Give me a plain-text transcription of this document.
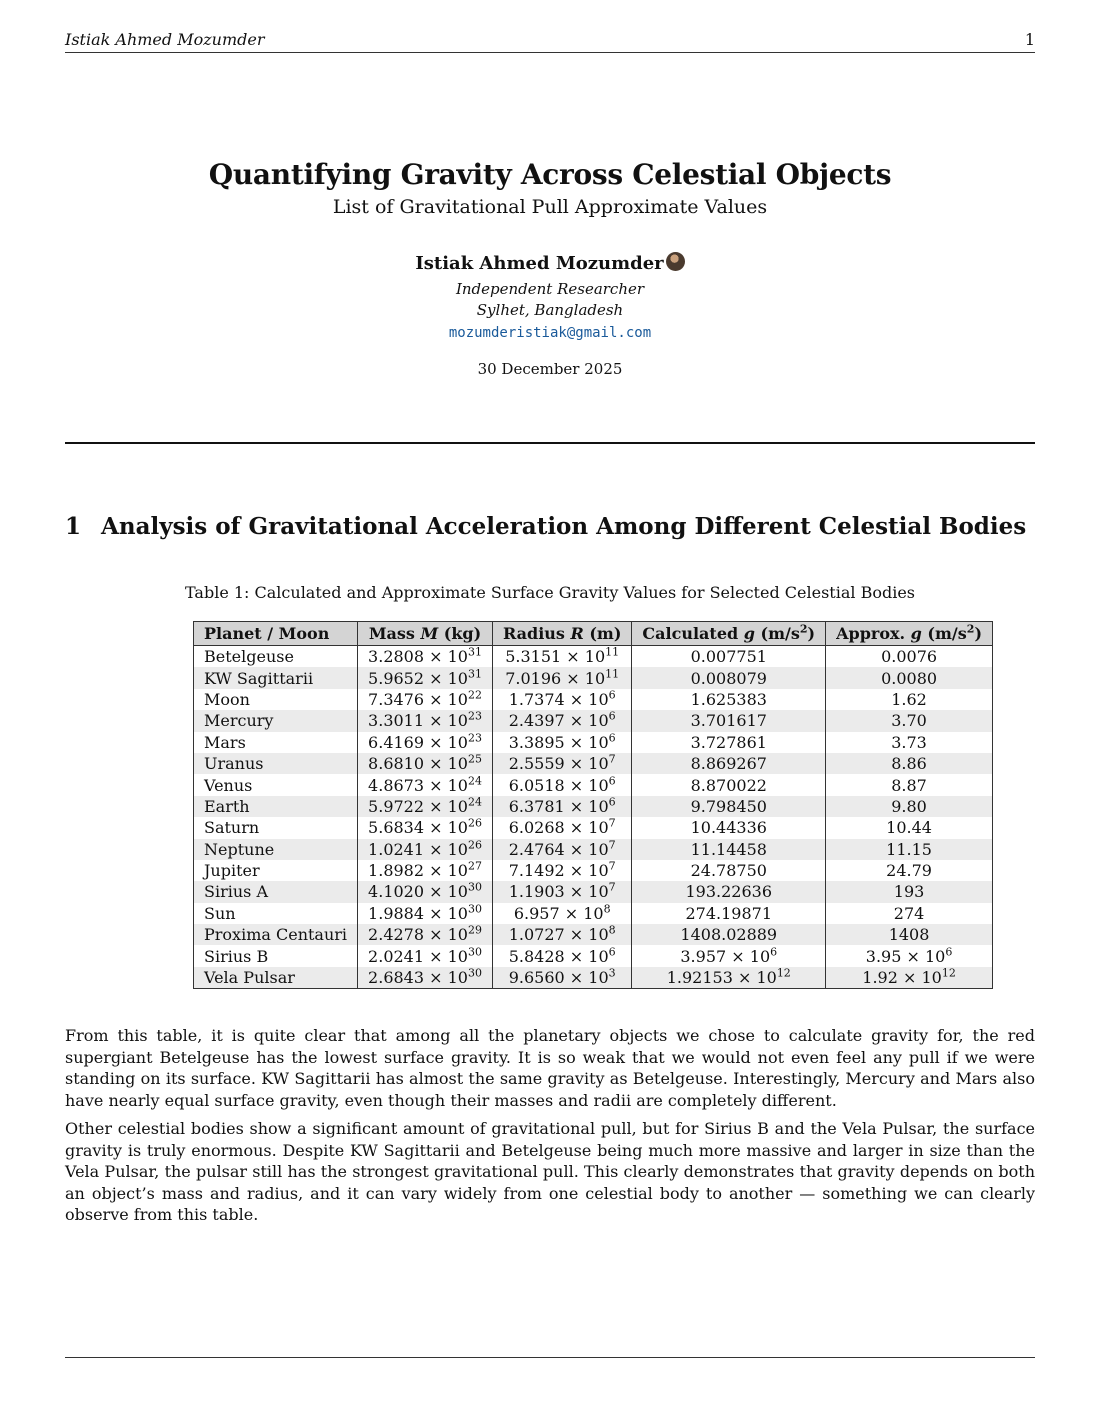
Istiak Ahmed Mozumder	1
Quantifying Gravity Across Celestial Objects
List of Gravitational Pull Approximate Values
Istiak Ahmed Mozumder
Independent Researcher
Sylhet, Bangladesh
mozumderistiak@gmail.com
30 December 2025
1 Analysis of Gravitational Acceleration Among Different Celestial Bodies
Table 1: Calculated and Approximate Surface Gravity Values for Selected Celestial Bodies
Planet / Moon	Mass M (kg)	Radius R (m)	Calculated g $(m/s^2)$	Approx. g $(m/s^2)$
Betelgeuse	$3.2808 \times 10^{31}$	$5.3151 \times 10^{11}$	0.007751	0.0076
KW Sagittarii	$5.9652 \times 10^{31}$	$7.0196 \times 10^{11}$	0.008079	0.0080
Moon	$7.3476 \times 10^{22}$	$1.7374 \times 10^6$	1.625383	1.62
Mercury	$3.3011 \times 10^{23}$	$2.4397 \times 10^6$	3.701617	3.70
Mars	$6.4169 \times 10^{23}$	$3.3895 \times 10^6$	3.727861	3.73
Uranus	$8.6810 \times 10^{25}$	$2.5559 \times 10^7$	8.869267	8.86
Venus	$4.8673 \times 10^{24}$	$6.0518 \times 10^6$	8.870022	8.87
Earth	$5.9722 \times 10^{24}$	$6.3781 \times 10^6$	9.798450	9.80
Saturn	$5.6834 \times 10^{26}$	$6.0268 \times 10^7$	10.44336	10.44
Neptune	$1.0241 \times 10^{26}$	$2.4764 \times 10^7$	11.14458	11.15
Jupiter	$1.8982 \times 10^{27}$	$7.1492 \times 10^7$	24.78750	24.79
Sirius A	$4.1020 \times 10^{30}$	$1.1903 \times 10^7$	193.22636	193
Sun	$1.9884 \times 10^{30}$	$6.957 \times 10^8$	274.19871	274
Proxima Centauri	$2.4278 \times 10^{29}$	$1.0727 \times 10^8$	1408.02889	1408
Sirius B	$2.0241 \times 10^{30}$	$5.8428 \times 10^6$	$3.957 \times 10^6$	$3.95 \times 10^6$
Vela Pulsar	$2.6843 \times 10^{30}$	$9.6560 \times 10^3$	$1.92153 \times 10^{12}$	$1.92 \times 10^{12}$
From this table, it is quite clear that among all the planetary objects we chose to calculate gravity for, the red supergiant Betelgeuse has the lowest surface gravity. It is so weak that we would not even feel any pull if we were standing on its surface. KW Sagittarii has almost the same gravity as Betelgeuse. Interestingly, Mercury and Mars also have nearly equal surface gravity, even though their masses and radii are completely different.
Other celestial bodies show a significant amount of gravitational pull, but for Sirius B and the Vela Pulsar, the surface gravity is truly enormous. Despite KW Sagittarii and Betelgeuse being much more massive and larger in size than the Vela Pulsar, the pulsar still has the strongest gravitational pull. This clearly demonstrates that gravity depends on both an object’s mass and radius, and it can vary widely from one celestial body to another — something we can clearly observe from this table.
